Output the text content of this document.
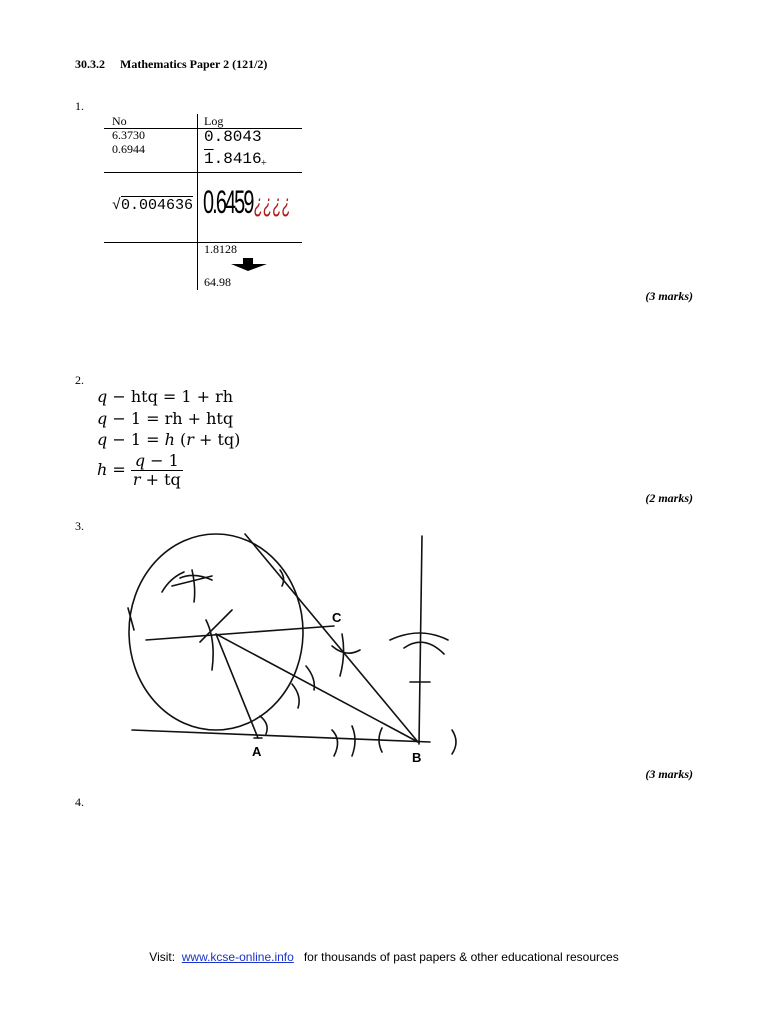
30.3.2     Mathematics Paper 2 (121/2)
1.
No	Log
6.3730
0.6944
0.8043
1.8416 +
√0.004636 0.6459 ¿¿¿¿
1.8128
64.98
(3 marks)
2.
q − htq = 1 + rh
q − 1 = rh + htq
q − 1 = h (r + tq)
$h = \frac{q - 1}{r + tq}$
(2 marks)
3.
C
A	B
(3 marks)
4.
Visit:  www.kcse-online.info   for thousands of past papers & other educational resources
